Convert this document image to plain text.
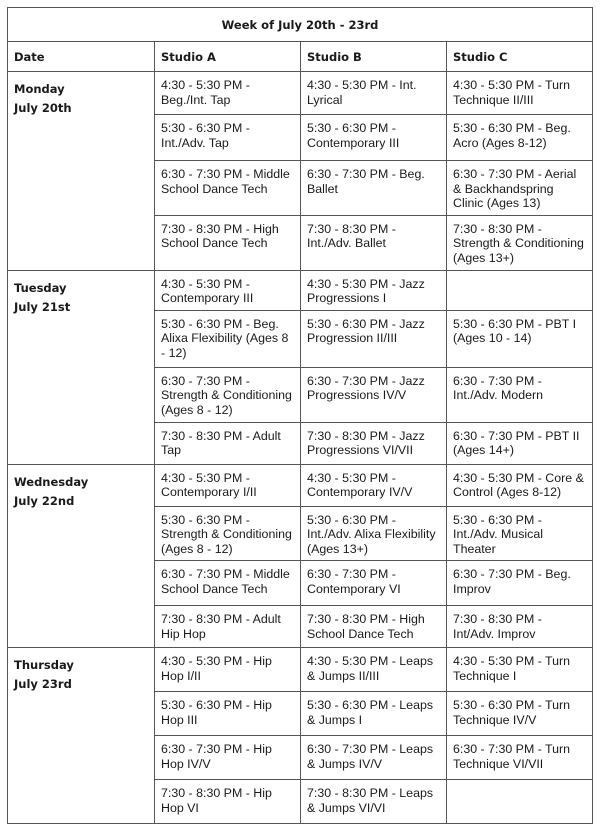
Week of July 20th - 23rd			
Date	Studio A	Studio B	Studio C

Monday
July 20th	4:30 - 5:30 PM - Beg./Int. Tap	4:30 - 5:30 PM - Int. Lyrical	4:30 - 5:30 PM - Turn Technique II/III
	5:30 - 6:30 PM - Int./Adv. Tap	5:30 - 6:30 PM - Contemporary III	5:30 - 6:30 PM - Beg. Acro (Ages 8-12)
	6:30 - 7:30 PM - Middle School Dance Tech	6:30 - 7:30 PM - Beg. Ballet	6:30 - 7:30 PM - Aerial & Backhandspring Clinic (Ages 13)
	7:30 - 8:30 PM - High School Dance Tech	7:30 - 8:30 PM - Int./Adv. Ballet	7:30 - 8:30 PM - Strength & Conditioning (Ages 13+)

Tuesday
July 21st	4:30 - 5:30 PM - Contemporary III	4:30 - 5:30 PM - Jazz Progressions I	
	5:30 - 6:30 PM - Beg. Alixa Flexibility (Ages 8 - 12)	5:30 - 6:30 PM - Jazz Progression II/III	5:30 - 6:30 PM - PBT I (Ages 10 - 14)
	6:30 - 7:30 PM - Strength & Conditioning (Ages 8 - 12)	6:30 - 7:30 PM - Jazz Progressions IV/V	6:30 - 7:30 PM - Int./Adv. Modern
	7:30 - 8:30 PM - Adult Tap	7:30 - 8:30 PM - Jazz Progressions VI/VII	6:30 - 7:30 PM - PBT II (Ages 14+)

Wednesday
July 22nd	4:30 - 5:30 PM - Contemporary I/II	4:30 - 5:30 PM - Contemporary IV/V	4:30 - 5:30 PM - Core & Control (Ages 8-12)
	5:30 - 6:30 PM - Strength & Conditioning (Ages 8 - 12)	5:30 - 6:30 PM - Int./Adv. Alixa Flexibility (Ages 13+)	5:30 - 6:30 PM - Int./Adv. Musical Theater
	6:30 - 7:30 PM - Middle School Dance Tech	6:30 - 7:30 PM - Contemporary VI	6:30 - 7:30 PM - Beg. Improv
	7:30 - 8:30 PM - Adult Hip Hop	7:30 - 8:30 PM - High School Dance Tech	7:30 - 8:30 PM - Int/Adv. Improv

Thursday
July 23rd	4:30 - 5:30 PM - Hip Hop I/II	4:30 - 5:30 PM - Leaps & Jumps II/III	4:30 - 5:30 PM - Turn Technique I
	5:30 - 6:30 PM - Hip Hop III	5:30 - 6:30 PM - Leaps & Jumps I	5:30 - 6:30 PM - Turn Technique IV/V
	6:30 - 7:30 PM - Hip Hop IV/V	6:30 - 7:30 PM - Leaps & Jumps IV/V	6:30 - 7:30 PM - Turn Technique VI/VII
	7:30 - 8:30 PM - Hip Hop VI	7:30 - 8:30 PM - Leaps & Jumps VI/VI	
